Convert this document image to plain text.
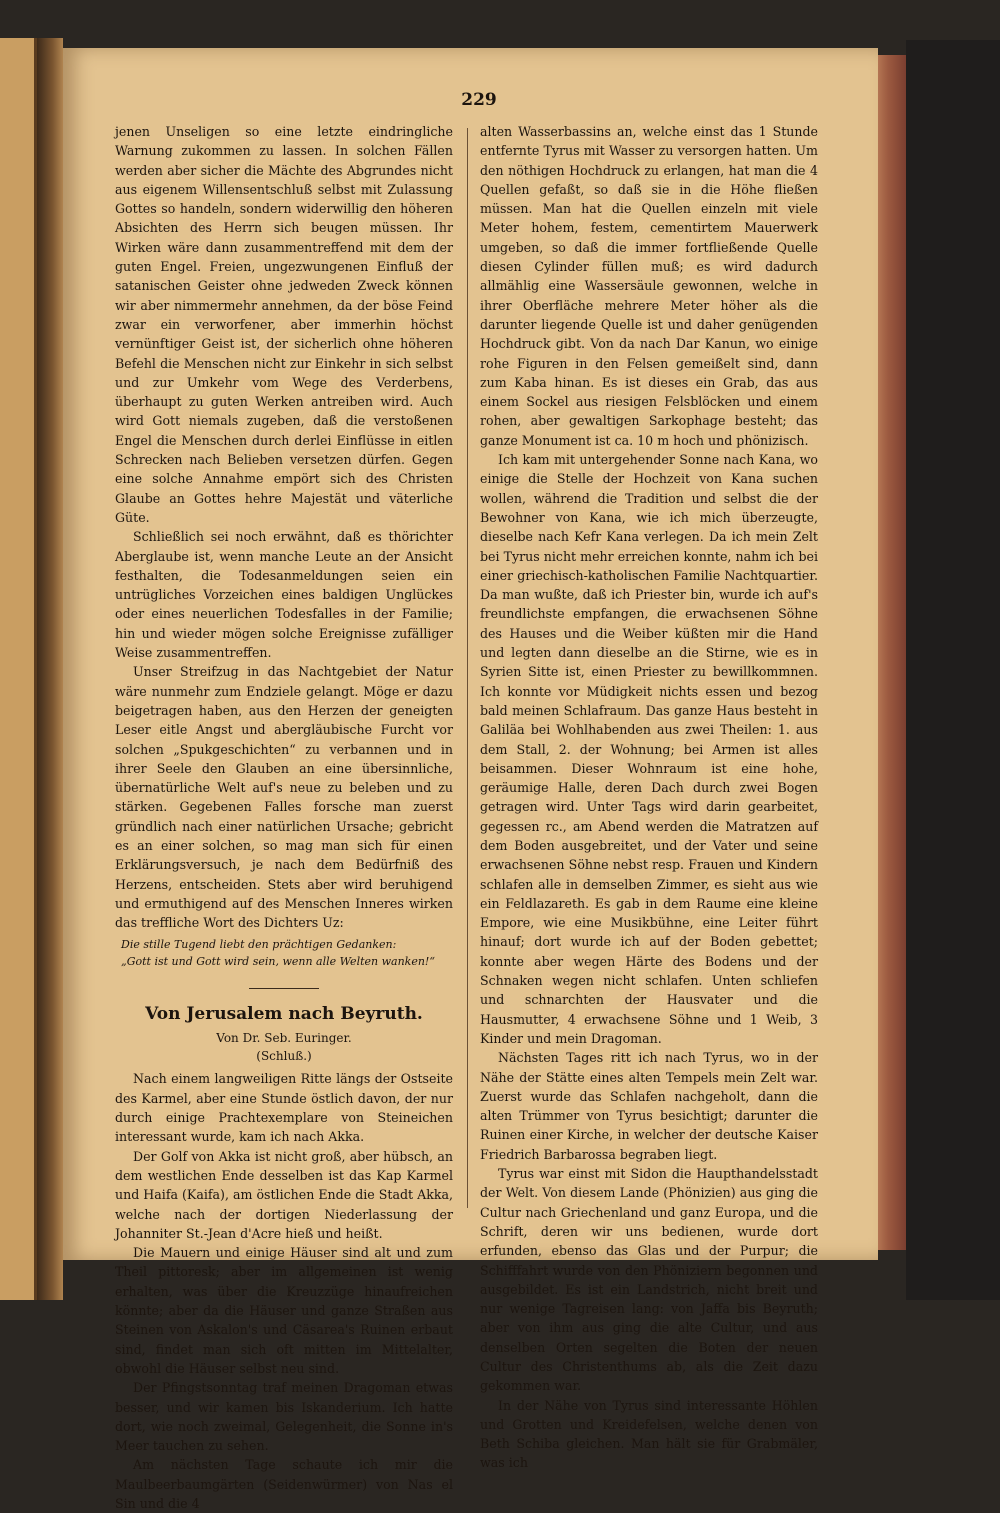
229

jenen Unseligen so eine letzte eindringliche Warnung zukommen zu lassen. In solchen Fällen werden aber sicher die Mächte des Abgrundes nicht aus eigenem Willensentschluß selbst mit Zulassung Gottes so handeln, sondern widerwillig den höheren Absichten des Herrn sich beugen müssen. Ihr Wirken wäre dann zusammentreffend mit dem der guten Engel. Freien, ungezwungenen Einfluß der satanischen Geister ohne jedweden Zweck können wir aber nimmermehr annehmen, da der böse Feind zwar ein verworfener, aber immerhin höchst vernünftiger Geist ist, der sicherlich ohne höheren Befehl die Menschen nicht zur Einkehr in sich selbst und zur Umkehr vom Wege des Verderbens, überhaupt zu guten Werken antreiben wird. Auch wird Gott niemals zugeben, daß die verstoßenen Engel die Menschen durch derlei Einflüsse in eitlen Schrecken nach Belieben versetzen dürfen. Gegen eine solche Annahme empört sich des Christen Glaube an Gottes hehre Majestät und väterliche Güte.

Schließlich sei noch erwähnt, daß es thörichter Aberglaube ist, wenn manche Leute an der Ansicht festhalten, die Todesanmeldungen seien ein untrügliches Vorzeichen eines baldigen Unglückes oder eines neuerlichen Todesfalles in der Familie; hin und wieder mögen solche Ereignisse zufälliger Weise zusammentreffen.

Unser Streifzug in das Nachtgebiet der Natur wäre nunmehr zum Endziele gelangt. Möge er dazu beigetragen haben, aus den Herzen der geneigten Leser eitle Angst und abergläubische Furcht vor solchen „Spukgeschichten“ zu verbannen und in ihrer Seele den Glauben an eine übersinnliche, übernatürliche Welt auf's neue zu beleben und zu stärken. Gegebenen Falles forsche man zuerst gründlich nach einer natürlichen Ursache; gebricht es an einer solchen, so mag man sich für einen Erklärungsversuch, je nach dem Bedürfniß des Herzens, entscheiden. Stets aber wird beruhigend und ermuthigend auf des Menschen Inneres wirken das treffliche Wort des Dichters Uz:

Die stille Tugend liebt den prächtigen Gedanken:
„Gott ist und Gott wird sein, wenn alle Welten wanken!“
Von Jerusalem nach Beyruth.
Von Dr. Seb. Euringer.
(Schluß.)

Nach einem langweiligen Ritte längs der Ostseite des Karmel, aber eine Stunde östlich davon, der nur durch einige Prachtexemplare von Steineichen interessant wurde, kam ich nach Akka.

Der Golf von Akka ist nicht groß, aber hübsch, an dem westlichen Ende desselben ist das Kap Karmel und Haifa (Kaifa), am östlichen Ende die Stadt Akka, welche nach der dortigen Niederlassung der Johanniter St.-Jean d'Acre hieß und heißt.

Die Mauern und einige Häuser sind alt und zum Theil pittoresk; aber im allgemeinen ist wenig erhalten, was über die Kreuzzüge hinaufreichen könnte; aber da die Häuser und ganze Straßen aus Steinen von Askalon's und Cäsarea's Ruinen erbaut sind, findet man sich oft mitten im Mittelalter, obwohl die Häuser selbst neu sind.

Der Pfingstsonntag traf meinen Dragoman etwas besser, und wir kamen bis Iskanderium. Ich hatte dort, wie noch zweimal, Gelegenheit, die Sonne in's Meer tauchen zu sehen.

Am nächsten Tage schaute ich mir die Maulbeerbaumgärten (Seidenwürmer) von Nas el Sin und die 4

alten Wasserbassins an, welche einst das 1 Stunde entfernte Tyrus mit Wasser zu versorgen hatten. Um den nöthigen Hochdruck zu erlangen, hat man die 4 Quellen gefaßt, so daß sie in die Höhe fließen müssen. Man hat die Quellen einzeln mit viele Meter hohem, festem, cementirtem Mauerwerk umgeben, so daß die immer fortfließende Quelle diesen Cylinder füllen muß; es wird dadurch allmählig eine Wassersäule gewonnen, welche in ihrer Oberfläche mehrere Meter höher als die darunter liegende Quelle ist und daher genügenden Hochdruck gibt. Von da nach Dar Kanun, wo einige rohe Figuren in den Felsen gemeißelt sind, dann zum Kaba hinan. Es ist dieses ein Grab, das aus einem Sockel aus riesigen Felsblöcken und einem rohen, aber gewaltigen Sarkophage besteht; das ganze Monument ist ca. 10 m hoch und phönizisch.

Ich kam mit untergehender Sonne nach Kana, wo einige die Stelle der Hochzeit von Kana suchen wollen, während die Tradition und selbst die der Bewohner von Kana, wie ich mich überzeugte, dieselbe nach Kefr Kana verlegen. Da ich mein Zelt bei Tyrus nicht mehr erreichen konnte, nahm ich bei einer griechisch-katholischen Familie Nachtquartier. Da man wußte, daß ich Priester bin, wurde ich auf's freundlichste empfangen, die erwachsenen Söhne des Hauses und die Weiber küßten mir die Hand und legten dann dieselbe an die Stirne, wie es in Syrien Sitte ist, einen Priester zu bewillkommnen. Ich konnte vor Müdigkeit nichts essen und bezog bald meinen Schlafraum. Das ganze Haus besteht in Galiläa bei Wohlhabenden aus zwei Theilen: 1. aus dem Stall, 2. der Wohnung; bei Armen ist alles beisammen. Dieser Wohnraum ist eine hohe, geräumige Halle, deren Dach durch zwei Bogen getragen wird. Unter Tags wird darin gearbeitet, gegessen rc., am Abend werden die Matratzen auf dem Boden ausgebreitet, und der Vater und seine erwachsenen Söhne nebst resp. Frauen und Kindern schlafen alle in demselben Zimmer, es sieht aus wie ein Feldlazareth. Es gab in dem Raume eine kleine Empore, wie eine Musikbühne, eine Leiter führt hinauf; dort wurde ich auf der Boden gebettet; konnte aber wegen Härte des Bodens und der Schnaken wegen nicht schlafen. Unten schliefen und schnarchten der Hausvater und die Hausmutter, 4 erwachsene Söhne und 1 Weib, 3 Kinder und mein Dragoman.

Nächsten Tages ritt ich nach Tyrus, wo in der Nähe der Stätte eines alten Tempels mein Zelt war. Zuerst wurde das Schlafen nachgeholt, dann die alten Trümmer von Tyrus besichtigt; darunter die Ruinen einer Kirche, in welcher der deutsche Kaiser Friedrich Barbarossa begraben liegt.

Tyrus war einst mit Sidon die Haupthandelsstadt der Welt. Von diesem Lande (Phönizien) aus ging die Cultur nach Griechenland und ganz Europa, und die Schrift, deren wir uns bedienen, wurde dort erfunden, ebenso das Glas und der Purpur; die Schifffahrt wurde von den Phöniziern begonnen und ausgebildet. Es ist ein Landstrich, nicht breit und nur wenige Tagreisen lang: von Jaffa bis Beyruth; aber von ihm aus ging die alte Cultur, und aus denselben Orten segelten die Boten der neuen Cultur des Christenthums ab, als die Zeit dazu gekommen war.

In der Nähe von Tyrus sind interessante Höhlen und Grotten und Kreidefelsen, welche denen von Beth Schiba gleichen. Man hält sie für Grabmäler, was ich
